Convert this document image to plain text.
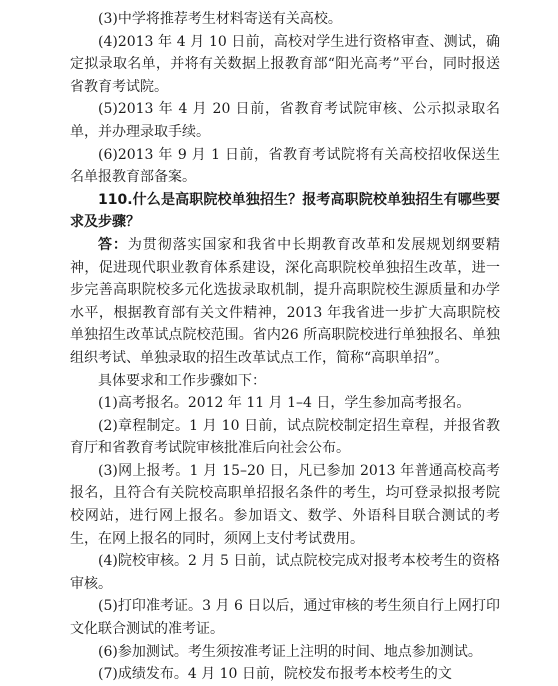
(3)中学将推荐考生材料寄送有关高校。

(4)2013 年 4 月 10 日前，高校对学生进行资格审查、测试，确定拟录取名单，并将有关数据上报教育部“阳光高考”平台，同时报送省教育考试院。

(5)2013 年 4 月 20 日前，省教育考试院审核、公示拟录取名单，并办理录取手续。

(6)2013 年 9 月 1 日前，省教育考试院将有关高校招收保送生名单报教育部备案。

110.什么是高职院校单独招生？报考高职院校单独招生有哪些要求及步骤？

答：为贯彻落实国家和我省中长期教育改革和发展规划纲要精神，促进现代职业教育体系建设，深化高职院校单独招生改革，进一步完善高职院校多元化选拔录取机制，提升高职院校生源质量和办学水平，根据教育部有关文件精神，2013 年我省进一步扩大高职院校单独招生改革试点院校范围。省内26 所高职院校进行单独报名、单独组织考试、单独录取的招生改革试点工作，简称“高职单招”。

具体要求和工作步骤如下：

(1)高考报名。2012 年 11 月 1–4 日，学生参加高考报名。

(2)章程制定。1 月 10 日前，试点院校制定招生章程，并报省教育厅和省教育考试院审核批准后向社会公布。

(3)网上报考。1 月 15–20 日，凡已参加 2013 年普通高校高考报名，且符合有关院校高职单招报名条件的考生，均可登录拟报考院校网站，进行网上报名。参加语文、数学、外语科目联合测试的考生，在网上报名的同时，须网上支付考试费用。

(4)院校审核。2 月 5 日前，试点院校完成对报考本校考生的资格审核。

(5)打印准考证。3 月 6 日以后，通过审核的考生须自行上网打印文化联合测试的准考证。

(6)参加测试。考生须按准考证上注明的时间、地点参加测试。

(7)成绩发布。4 月 10 日前，院校发布报考本校考生的文
